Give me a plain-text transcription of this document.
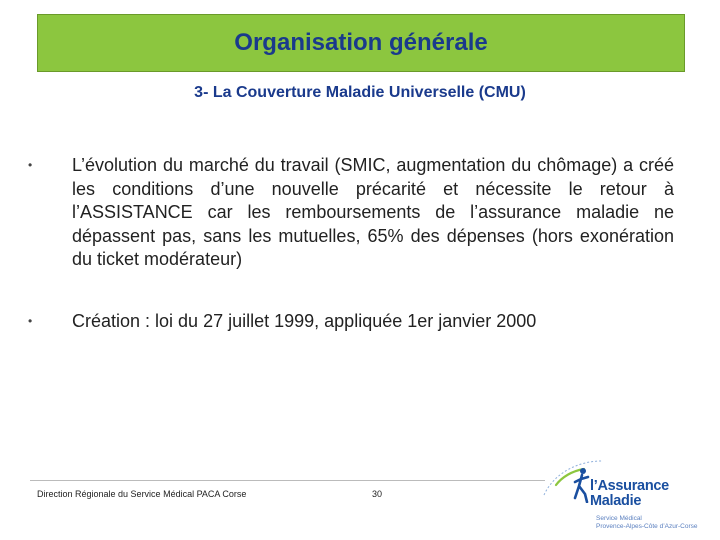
Organisation générale
3- La Couverture Maladie Universelle (CMU)
• L’évolution du marché du travail (SMIC, augmentation du chômage) a créé les conditions d’une nouvelle précarité et nécessite le retour à l’ASSISTANCE car les remboursements de l’assurance maladie ne dépassent pas, sans les mutuelles, 65% des dépenses (hors exonération du ticket modérateur)
• Création : loi du 27 juillet 1999, appliquée 1er janvier 2000
Direction Régionale du Service Médical PACA Corse	30	l’Assurance
Maladie
Service Médical
Provence-Alpes-Côte d’Azur-Corse
